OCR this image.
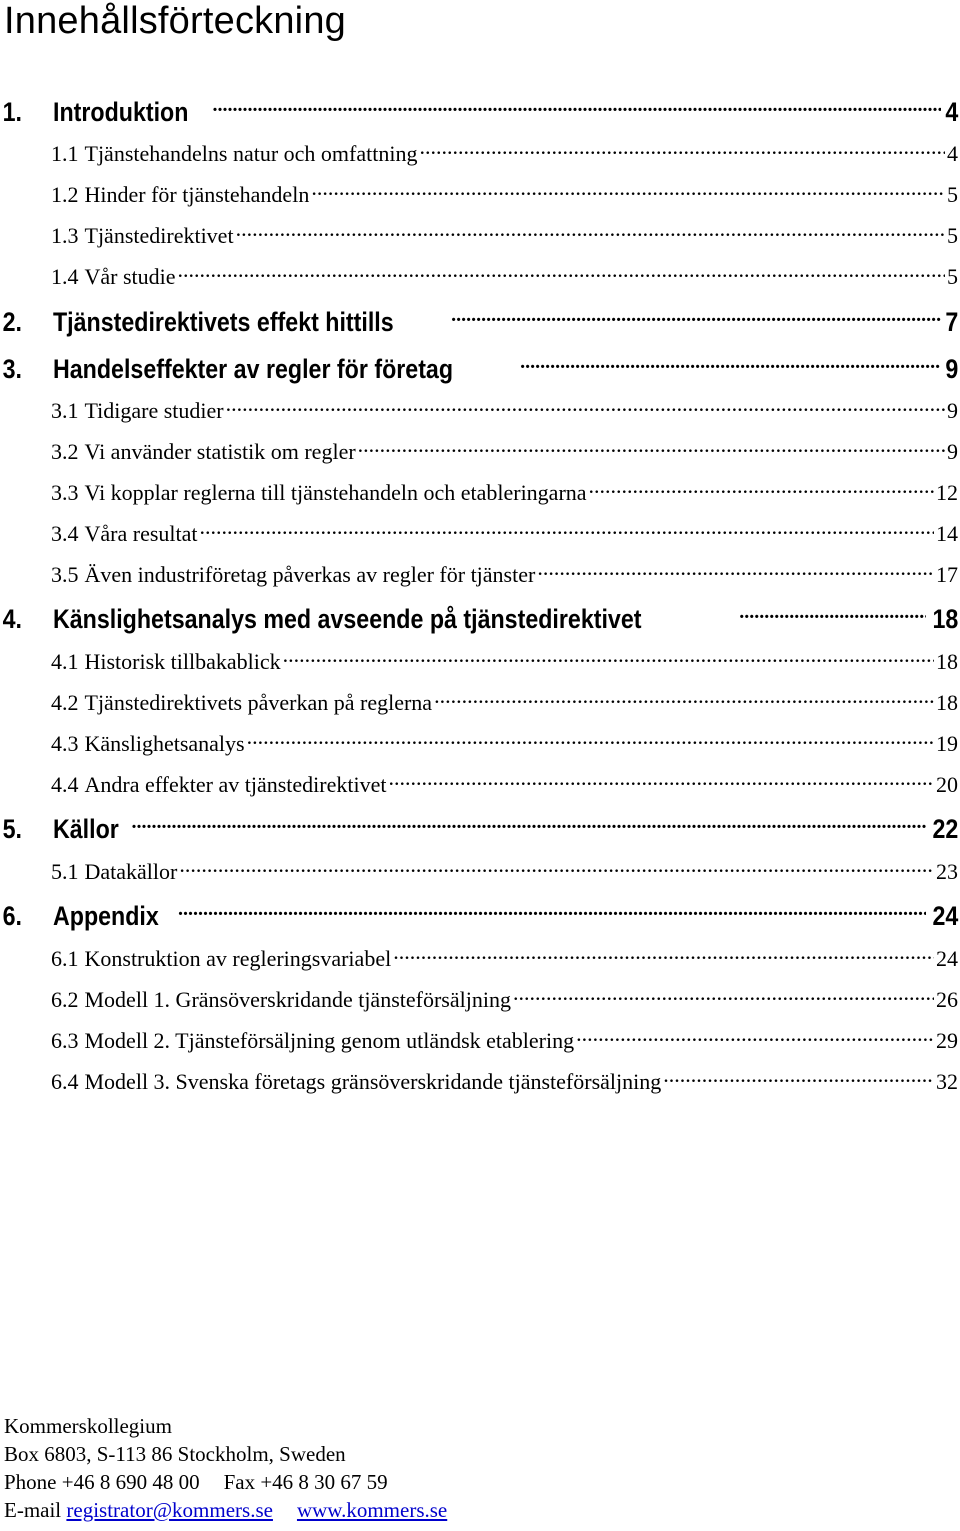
Innehållsförteckning
1.	Introduktion .....	4
1.1 Tjänstehandelns natur och omfattning .....	4
1.2 Hinder för tjänstehandeln .....	5
1.3 Tjänstedirektivet .....	5
1.4 Vår studie .....	5
2.	Tjänstedirektivets effekt hittills .....	7
3.	Handelseffekter av regler för företag .....	9
3.1 Tidigare studier .....	9
3.2 Vi använder statistik om regler .....	9
3.3 Vi kopplar reglerna till tjänstehandeln och etableringarna .....	12
3.4 Våra resultat .....	14
3.5 Även industriföretag påverkas av regler för tjänster .....	17
4.	Känslighetsanalys med avseende på tjänstedirektivet .....	18
4.1 Historisk tillbakablick .....	18
4.2 Tjänstedirektivets påverkan på reglerna .....	18
4.3 Känslighetsanalys .....	19
4.4 Andra effekter av tjänstedirektivet .....	20
5.	Källor .....	22
5.1 Datakällor .....	23
6.	Appendix .....	24
6.1 Konstruktion av regleringsvariabel .....	24
6.2 Modell 1. Gränsöverskridande tjänsteförsäljning .....	26
6.3 Modell 2. Tjänsteförsäljning genom utländsk etablering .....	29
6.4 Modell 3. Svenska företags gränsöverskridande tjänsteförsäljning .....	32
Kommerskollegium
Box 6803, S-113 86 Stockholm, Sweden
Phone +46 8 690 48 00 Fax +46 8 30 67 59
E-mail registrator@kommers.se www.kommers.se
